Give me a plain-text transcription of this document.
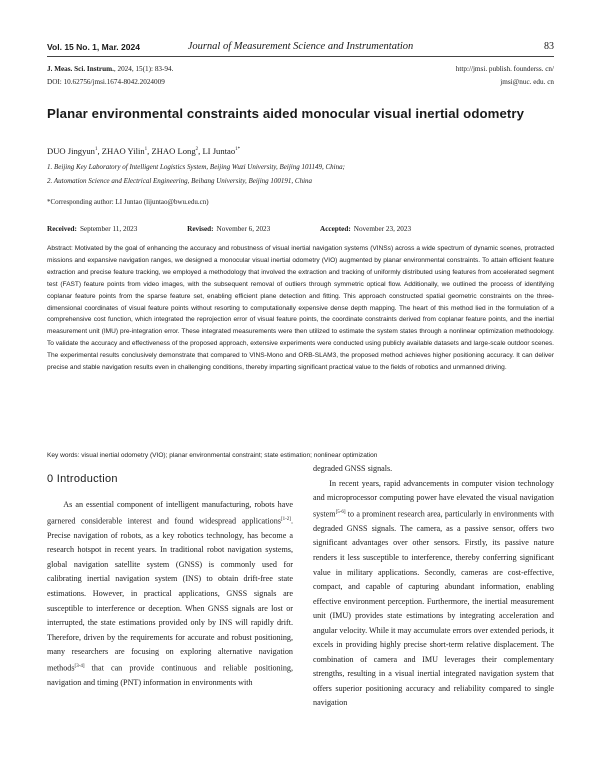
Vol. 15 No. 1, Mar. 2024	Journal of Measurement Science and Instrumentation	83
J. Meas. Sci. Instrum., 2024, 15(1): 83-94.
DOI: 10.62756/jmsi.1674-8042.2024009
http://jmsi. publish. founderss. cn/
jmsi@nuc. edu. cn
Planar environmental constraints aided monocular visual inertial odometry
DUO Jingyun$^1$, ZHAO Yilin$^1$, ZHAO Long$^2$, LI Juntao$^{1*}$
1. Beijing Key Laboratory of Intelligent Logistics System, Beijing Wuzi University, Beijing 101149, China;
2. Automation Science and Electrical Engineering, Beihang University, Beijing 100191, China
*Corresponding author: LI Juntao (lijuntao@bwu.edu.cn)
Received: September 11, 2023	Revised: November 6, 2023	Accepted: November 23, 2023
Abstract: Motivated by the goal of enhancing the accuracy and robustness of visual inertial navigation systems (VINSs) across a wide spectrum of dynamic scenes, protracted missions and expansive navigation ranges, we designed a monocular visual inertial odometry (VIO) augmented by planar environmental constraints. To attain efficient feature extraction and precise feature tracking, we employed a methodology that involved the extraction and tracking of uniformly distributed using features from accelerated segment test (FAST) feature points from video images, with the subsequent removal of outliers through symmetric optical flow. Additionally, we outlined the process of identifying coplanar feature points from the sparse feature set, enabling efficient plane detection and fitting. This approach constructed spatial geometric constraints on the three-dimensional coordinates of visual feature points without resorting to computationally expensive dense depth mapping. The heart of this method lied in the formulation of a comprehensive cost function, which integrated the reprojection error of visual feature points, the coordinate constraints derived from coplanar feature points, and the inertial measurement unit (IMU) pre-integration error. These integrated measurements were then utilized to estimate the system states through a nonlinear optimization methodology. To validate the accuracy and effectiveness of the proposed approach, extensive experiments were conducted using publicly available datasets and large-scale outdoor scenes. The experimental results conclusively demonstrate that compared to VINS-Mono and ORB-SLAM3, the proposed method achieves higher positioning accuracy. It can deliver precise and stable navigation results even in challenging conditions, thereby imparting significant practical value to the fields of robotics and unmanned driving.
Key words: visual inertial odometry (VIO); planar environmental constraint; state estimation; nonlinear optimization
0 Introduction
As an essential component of intelligent manufacturing, robots have garnered considerable interest and found widespread applications[1-2]. Precise navigation of robots, as a key robotics technology, has become a research hotspot in recent years. In traditional robot navigation systems, global navigation satellite system (GNSS) is commonly used for calibrating inertial navigation system (INS) to obtain drift-free state estimations. However, in practical applications, GNSS signals are susceptible to interference or deception. When GNSS signals are lost or interrupted, the state estimations provided only by INS will rapidly drift. Therefore, driven by the requirements for accurate and robust positioning, many researchers are focusing on exploring alternative navigation methods[3-4] that can provide continuous and reliable positioning, navigation and timing (PNT) information in environments with
degraded GNSS signals.
In recent years, rapid advancements in computer vision technology and microprocessor computing power have elevated the visual navigation system[5-6] to a prominent research area, particularly in environments with degraded GNSS signals. The camera, as a passive sensor, offers two significant advantages over other sensors. Firstly, its passive nature renders it less susceptible to interference, thereby conferring significant value in military applications. Secondly, cameras are cost-effective, compact, and capable of capturing abundant information, enabling effective environment perception. Furthermore, the inertial measurement unit (IMU) provides state estimations by integrating acceleration and angular velocity. While it may accumulate errors over extended periods, it excels in providing highly precise short-term relative displacement. The combination of camera and IMU leverages their complementary strengths, resulting in a visual inertial integrated navigation system that offers superior positioning accuracy and reliability compared to single navigation
